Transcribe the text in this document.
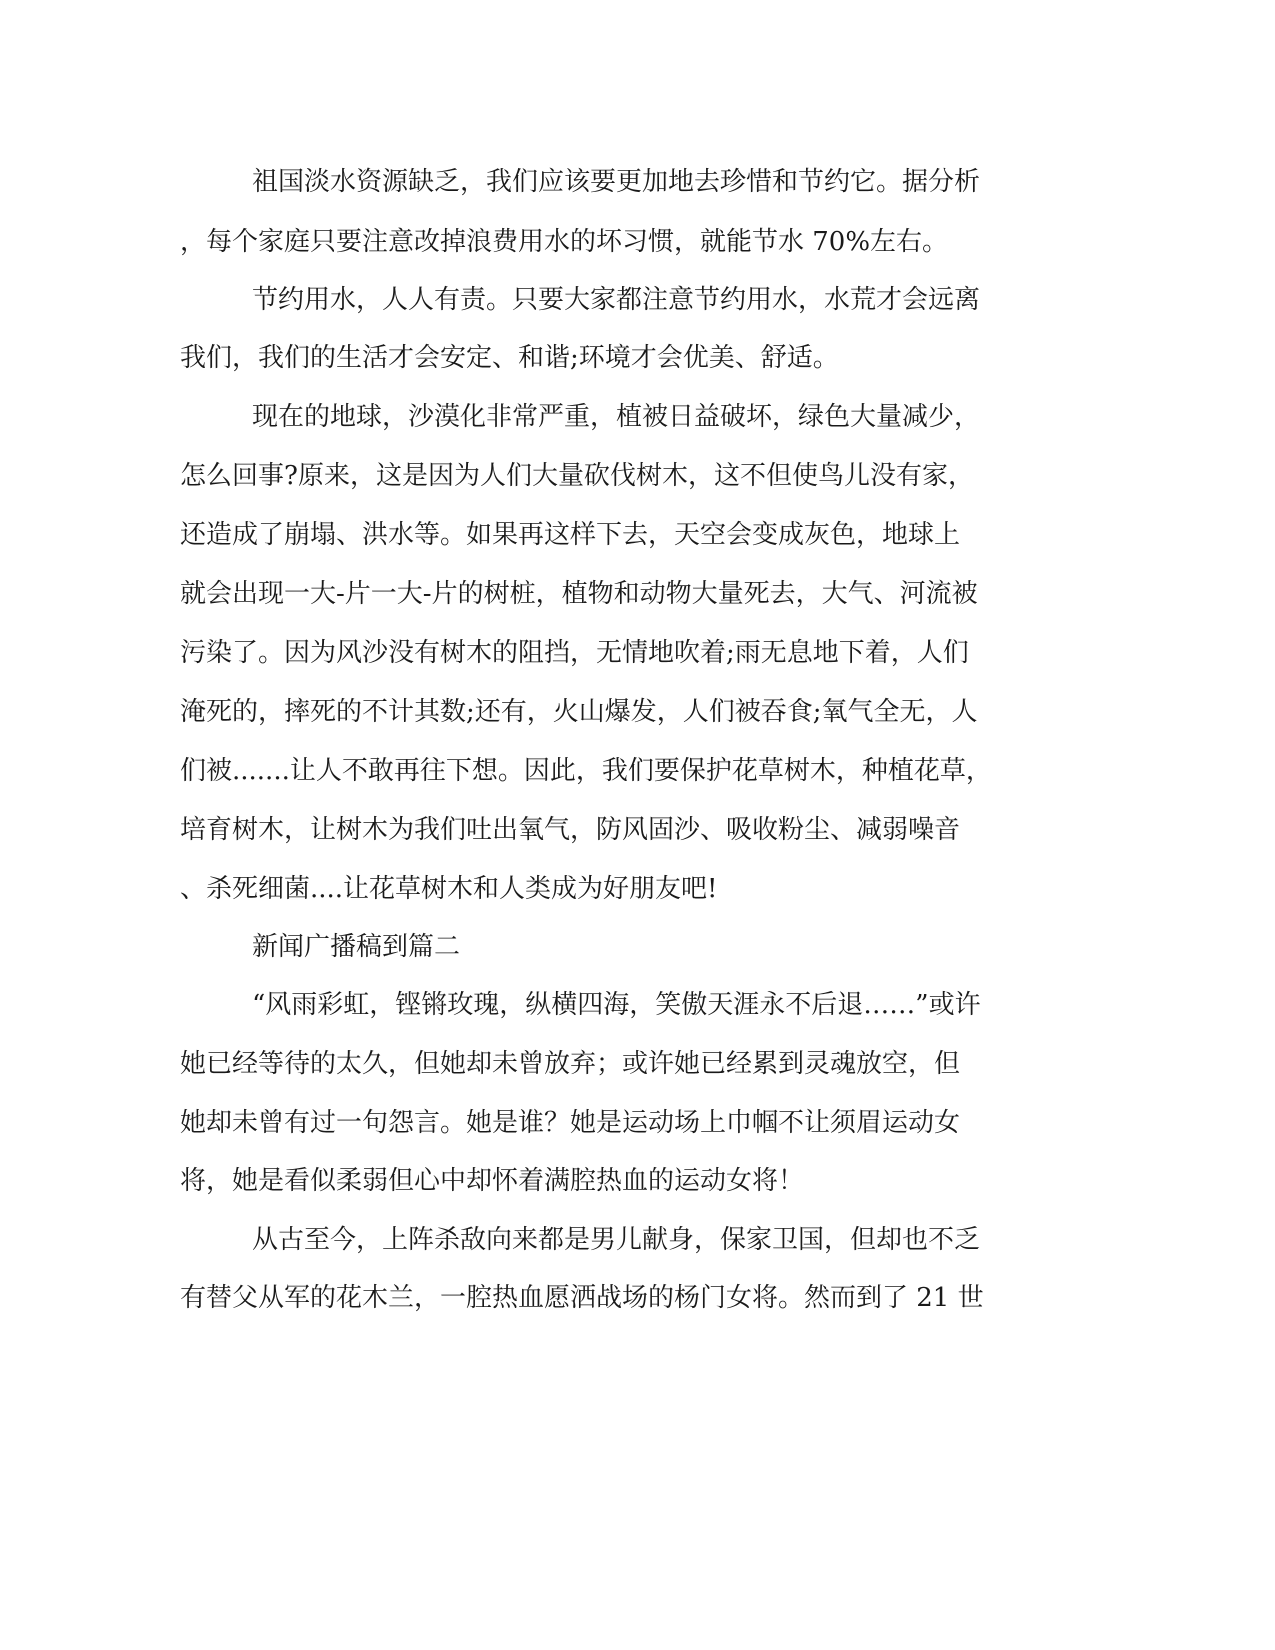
祖国淡水资源缺乏，我们应该要更加地去珍惜和节约它。据分析
，每个家庭只要注意改掉浪费用水的坏习惯，就能节水 70%左右。
节约用水，人人有责。只要大家都注意节约用水，水荒才会远离
我们，我们的生活才会安定、和谐;环境才会优美、舒适。
现在的地球，沙漠化非常严重，植被日益破坏，绿色大量减少，
怎么回事?原来，这是因为人们大量砍伐树木，这不但使鸟儿没有家，
还造成了崩塌、洪水等。如果再这样下去，天空会变成灰色，地球上
就会出现一大-片一大-片的树桩，植物和动物大量死去，大气、河流被
污染了。因为风沙没有树木的阻挡，无情地吹着;雨无息地下着，人们
淹死的，摔死的不计其数;还有，火山爆发，人们被吞食;氧气全无，人
们被.......让人不敢再往下想。因此，我们要保护花草树木，种植花草，
培育树木，让树木为我们吐出氧气，防风固沙、吸收粉尘、减弱噪音
、杀死细菌....让花草树木和人类成为好朋友吧!
新闻广播稿到篇二
“风雨彩虹，铿锵玫瑰，纵横四海，笑傲天涯永不后退……”或许
她已经等待的太久，但她却未曾放弃；或许她已经累到灵魂放空，但
她却未曾有过一句怨言。她是谁？她是运动场上巾帼不让须眉运动女
将，她是看似柔弱但心中却怀着满腔热血的运动女将！
从古至今，上阵杀敌向来都是男儿献身，保家卫国，但却也不乏
有替父从军的花木兰，一腔热血愿洒战场的杨门女将。然而到了 21 世
